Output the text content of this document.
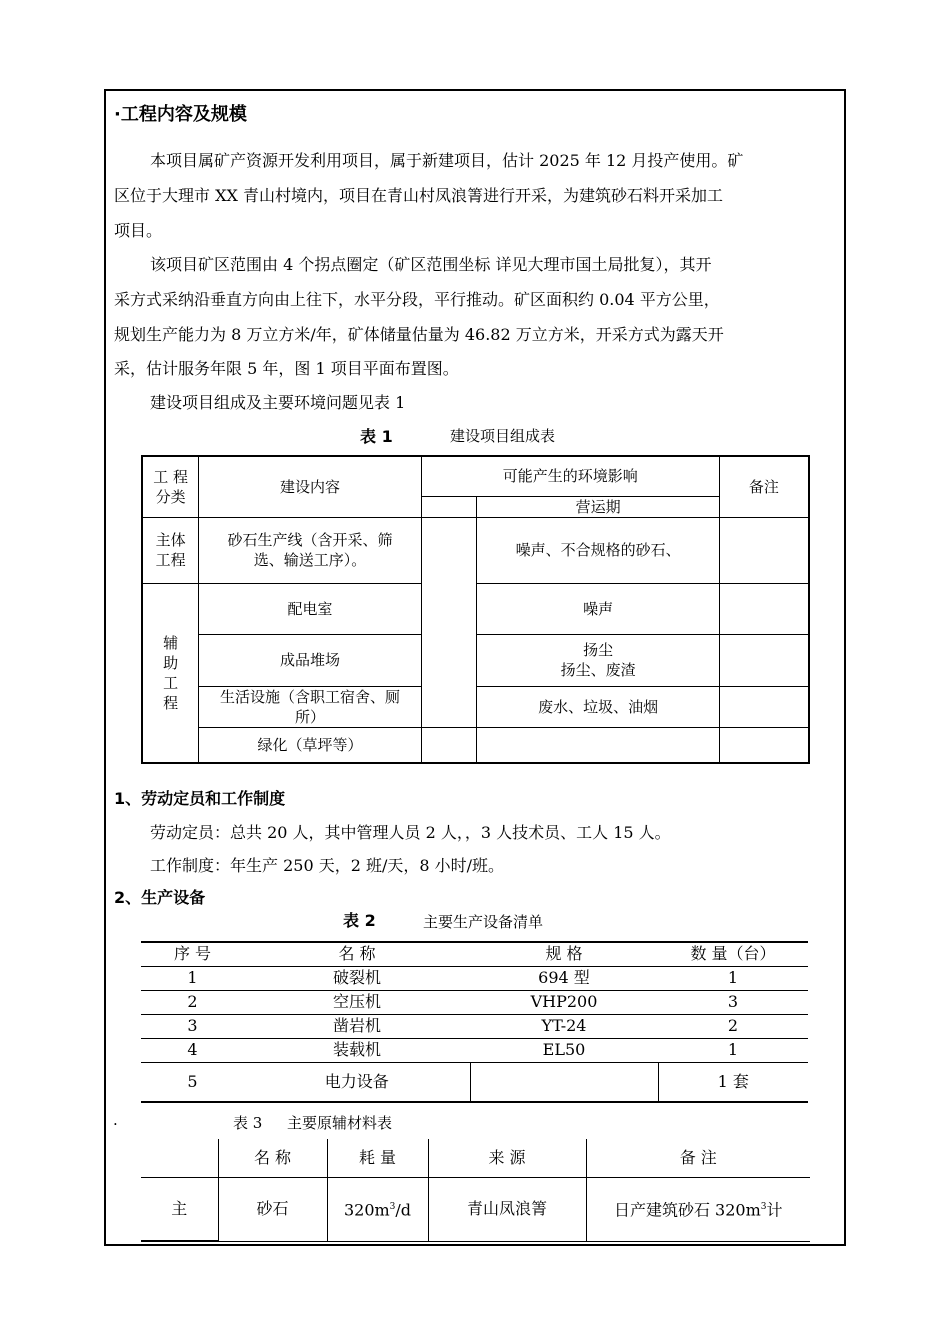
·工程内容及规模
本项目属矿产资源开发利用项目，属于新建项目，估计 2025 年 12 月投产使用。矿
区位于大理市 XX 青山村境内，项目在青山村凤浪箐进行开采，为建筑砂石料开采加工
项目。
该项目矿区范围由 4 个拐点圈定（矿区范围坐标 详见大理市国土局批复），其开
采方式采纳沿垂直方向由上往下，水平分段，平行推动。矿区面积约 0.04 平方公里，
规划生产能力为 8 万立方米/年，矿体储量估量为 46.82 万立方米，开采方式为露天开
采，估计服务年限 5 年，图 1 项目平面布置图。
建设项目组成及主要环境问题见表 1
表 1	建设项目组成表
工 程
分类	建设内容	可能产生的环境影响		备注
			营运期	
主体
工程	砂石生产线（含开采、筛
选、输送工序）。		噪声、不合规格的砂石、	
辅
助
工
程	配电室		噪声	
	成品堆场		扬尘
扬尘、废渣	
	生活设施（含职工宿舍、厕
所）		废水、垃圾、油烟	
	绿化（草坪等）			
1、劳动定员和工作制度
劳动定员：总共 20 人，其中管理人员 2 人，，3 人技术员、工人 15 人。
工作制度：年生产 250 天，2 班/天，8 小时/班。
2、生产设备
表 2	主要生产设备清单
序 号	名 称	规 格	数 量（台）
1	破裂机	694 型	1
2	空压机	VHP200	3
3	凿岩机	YT-24	2
4	装载机	EL50	1
5	电力设备		1 套
.	表 3 主要原辅材料表
	名 称	耗 量	来 源	备 注
主	砂石	$320m^3/d$	青山凤浪箐	日产建筑砂石 $320m^3$计
